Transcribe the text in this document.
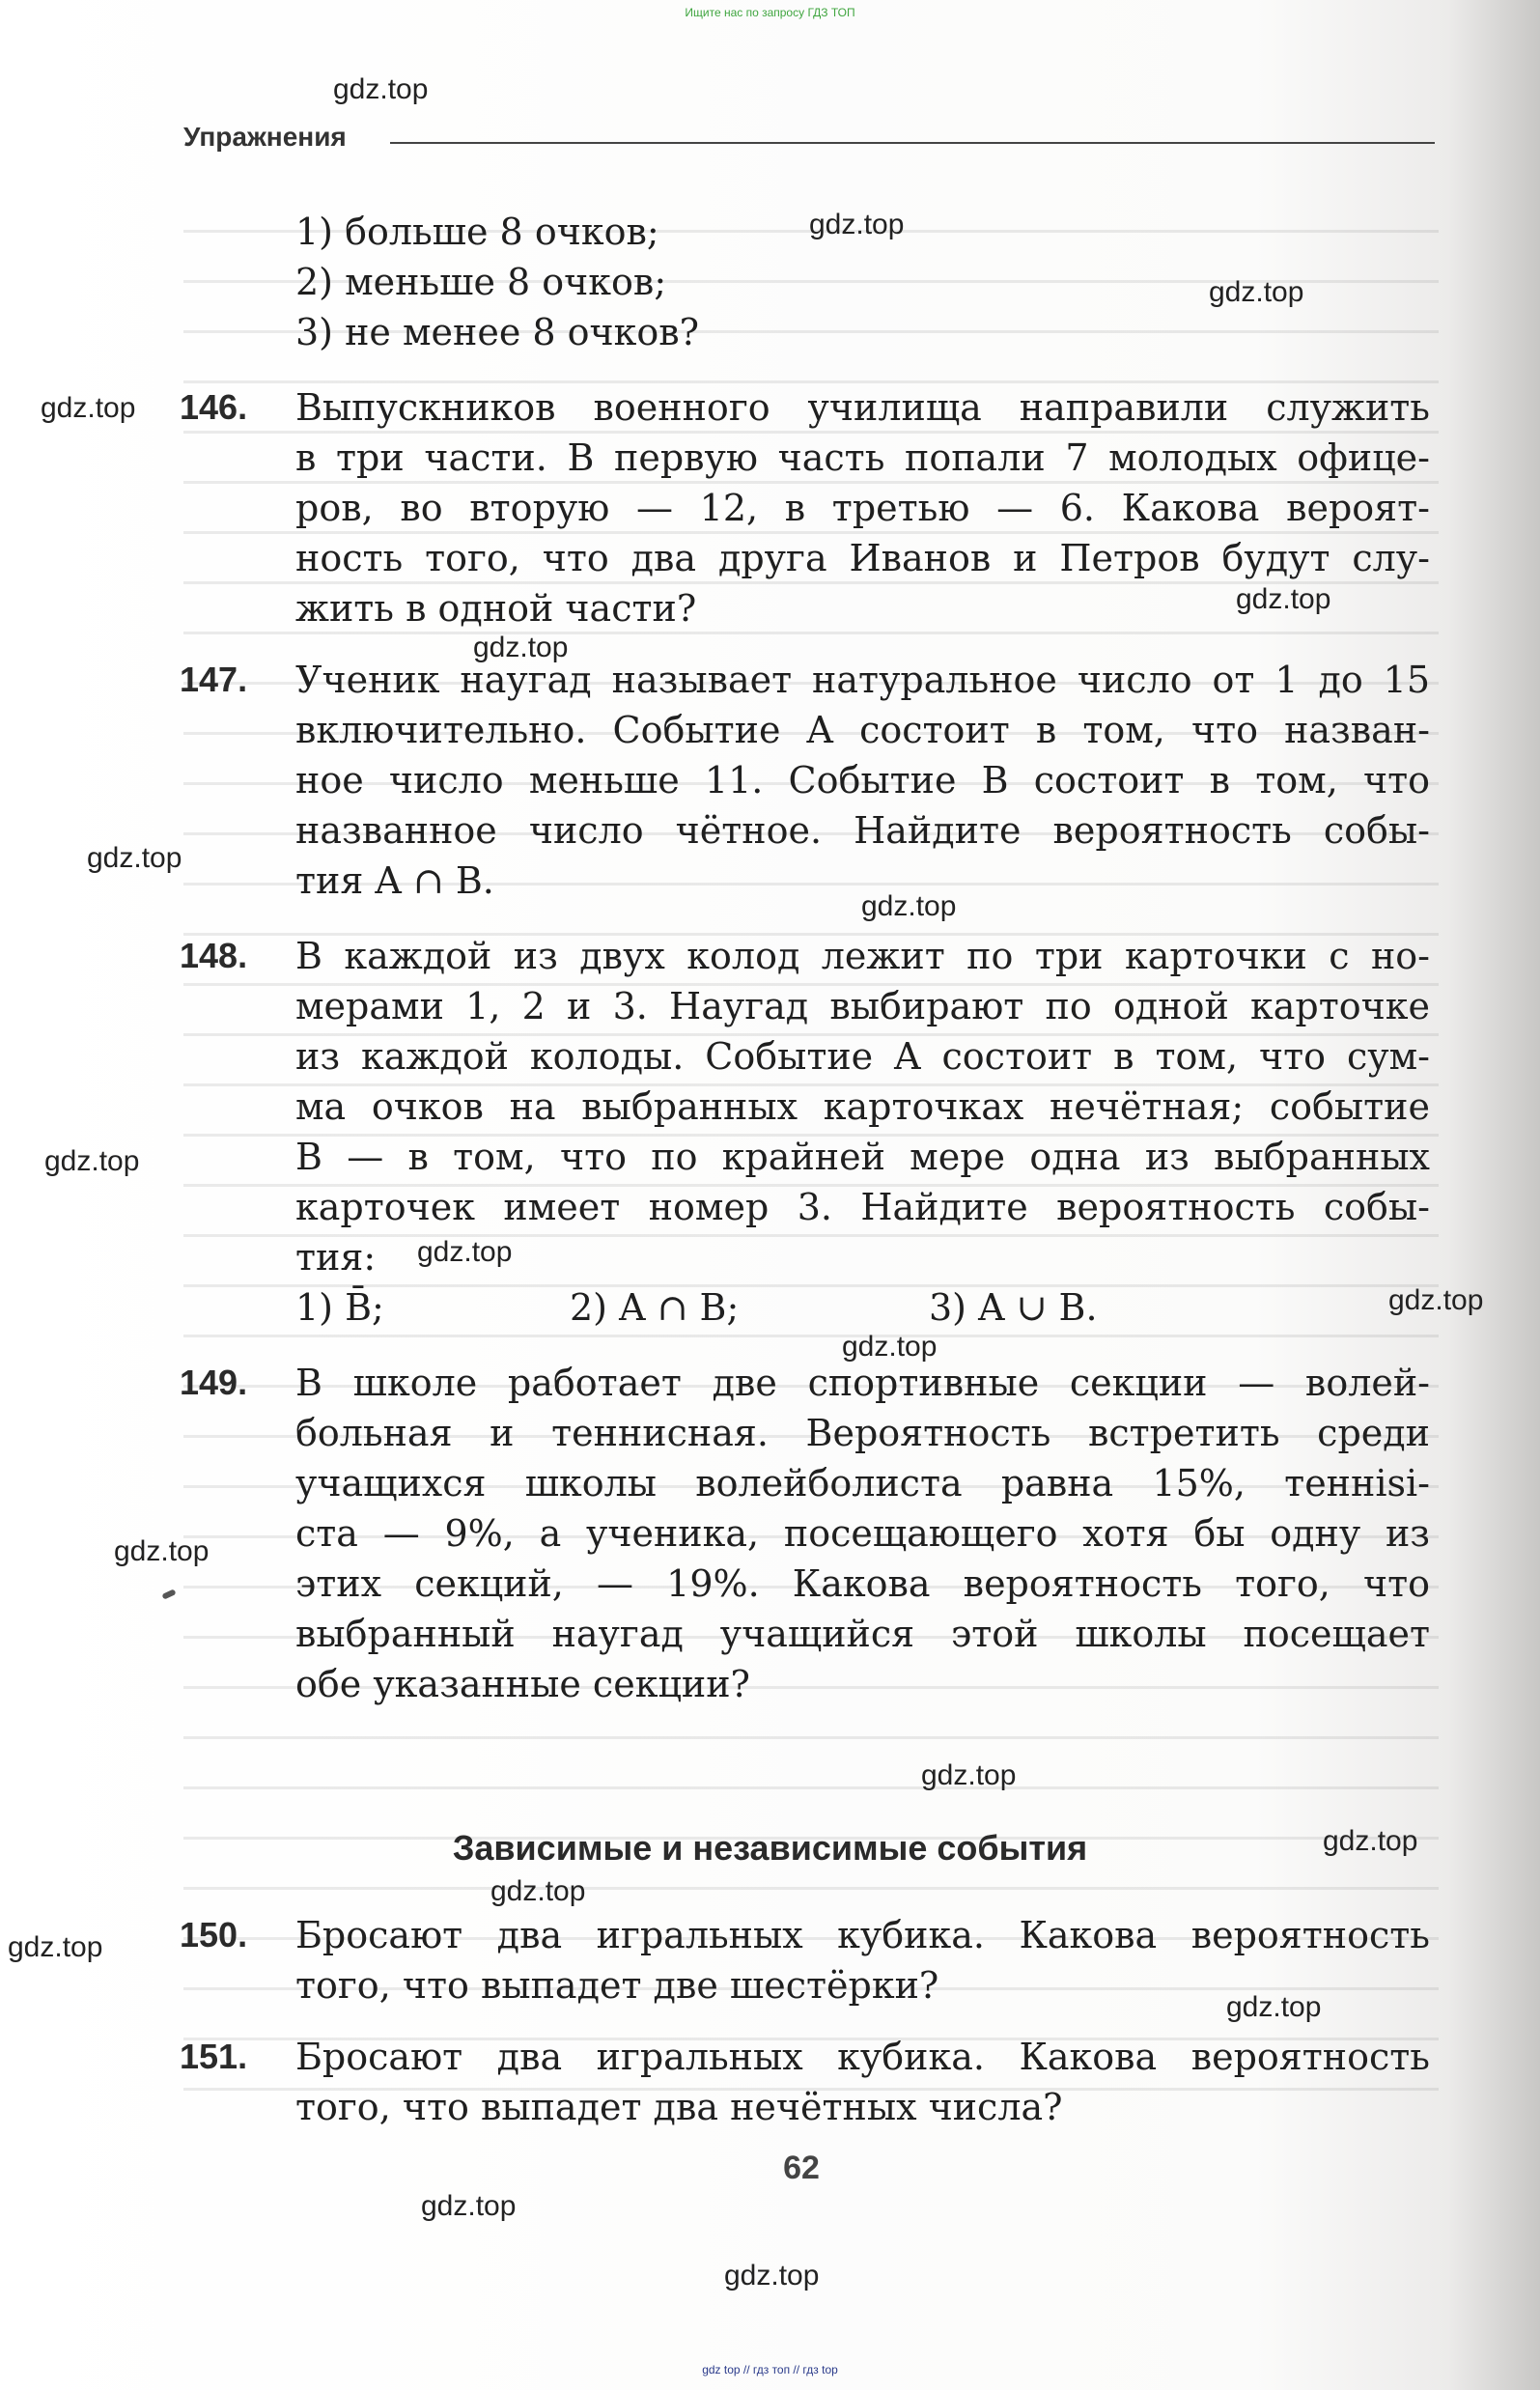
Ищите нас по запросу ГДЗ ТОП
Упражнения
1) больше 8 очков;
2) меньше 8 очков;
3) не менее 8 очков?
146. Выпускников военного училища направили служить
в три части. В первую часть попали 7 молодых офице-
ров, во вторую — 12, в третью — 6. Какова вероят-
ность того, что два друга Иванов и Петров будут слу-
жить в одной части?
147. Ученик наугад называет натуральное число от 1 до 15
включительно. Событие A состоит в том, что назван-
ное число меньше 11. Событие B состоит в том, что
названное число чётное. Найдите вероятность собы-
тия A ∩ B.
148. В каждой из двух колод лежит по три карточки с но-
мерами 1, 2 и 3. Наугад выбирают по одной карточке
из каждой колоды. Событие A состоит в том, что сум-
ма очков на выбранных карточках нечётная; событие
B — в том, что по крайней мере одна из выбранных
карточек имеет номер 3. Найдите вероятность собы-
тия:
1) B̄;	2) A ∩ B;	3) A ∪ B.
149. В школе работает две спортивные секции — волей-
больная и теннисная. Вероятность встретить среди
учащихся школы волейболиста равна 15%, теннisi-
ста — 9%, а ученика, посещающего хотя бы одну из
этих секций, — 19%. Какова вероятность того, что
выбранный наугад учащийся этой школы посещает
обе указанные секции?
Зависимые и независимые события
150. Бросают два игральных кубика. Какова вероятность
того, что выпадет две шестёрки?
151. Бросают два игральных кубика. Какова вероятность
того, что выпадет два нечётных числа?
62
gdz.top
gdz.top
gdz.top
gdz.top
gdz.top
gdz.top
gdz.top
gdz.top
gdz.top
gdz.top
gdz.top
gdz.top
gdz.top
gdz.top
gdz.top
gdz.top
gdz.top
gdz.top
gdz.top
gdz.top
gdz top // гдз топ // гдз top
